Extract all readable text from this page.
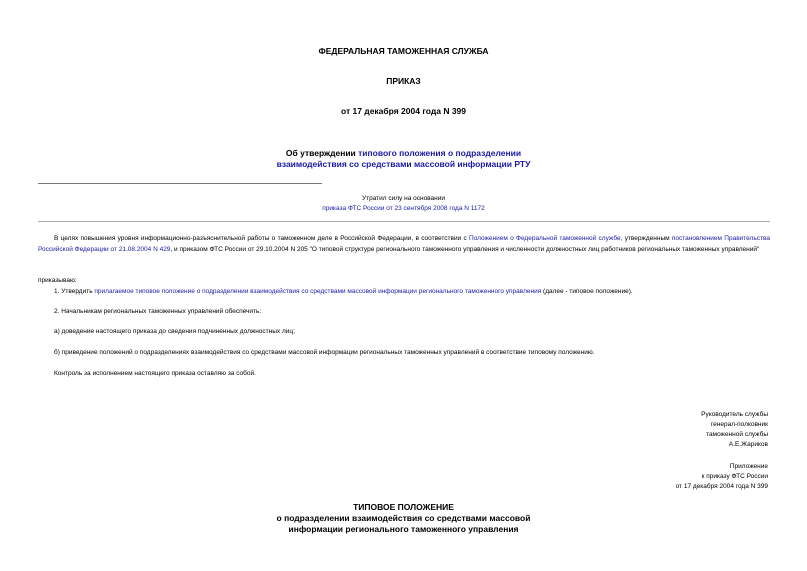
ФЕДЕРАЛЬНАЯ ТАМОЖЕННАЯ СЛУЖБА
ПРИКАЗ
от 17 декабря 2004 года N 399
Об утверждении типового положения о подразделении
взаимодействия со средствами массовой информации РТУ
Утратил силу на основании
приказа ФТС России от 23 сентября 2008 года N 1172
В целях повышения уровня информационно-разъяснительной работы о таможенном деле в Российской Федерации, в соответствии с Положением о Федеральной таможенной службе, утвержденным постановлением Правительства Российской Федерации от 21.08.2004 N 429, и приказом ФТС России от 29.10.2004 N 205 "О типовой структуре регионального таможенного управления и численности должностных лиц работников региональных таможенных управлений"
приказываю:
1. Утвердить прилагаемое типовое положение о подразделении взаимодействия со средствами массовой информации регионального таможенного управления (далее - типовое положение).
2. Начальникам региональных таможенных управлений обеспечить:
а) доведение настоящего приказа до сведения подчиненных должностных лиц;
б) приведение положений о подразделениях взаимодействия со средствами массовой информации региональных таможенных управлений в соответствие типовому положению.
Контроль за исполнением настоящего приказа оставляю за собой.
Руководитель службы
генерал-полковник
таможенной службы
А.Е.Жариков
Приложение
к приказу ФТС России
от 17 декабря 2004 года N 399
ТИПОВОЕ ПОЛОЖЕНИЕ
о подразделении взаимодействия со средствами массовой
информации регионального таможенного управления
